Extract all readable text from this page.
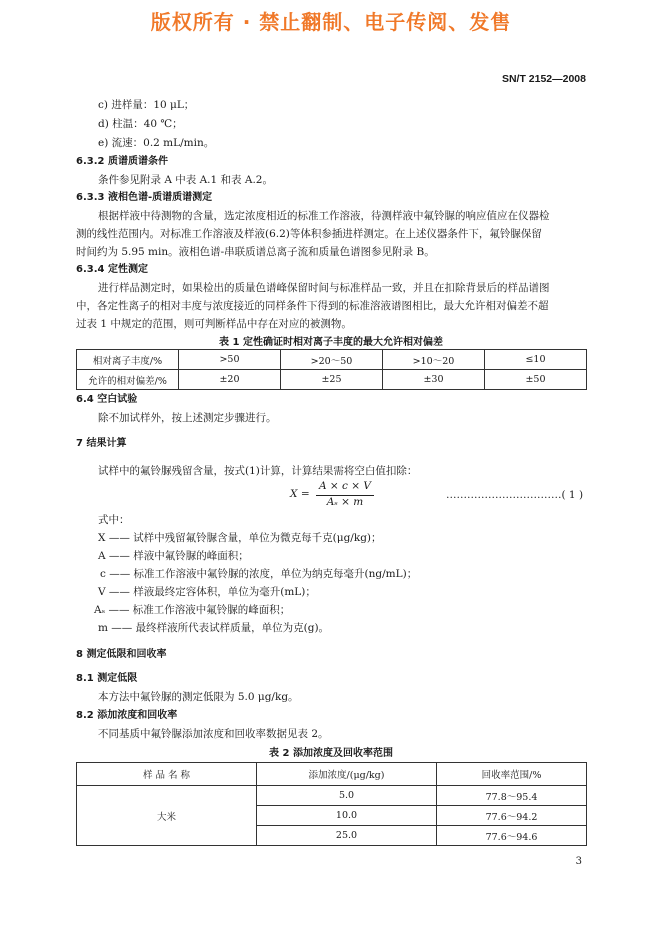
版权所有 · 禁止翻制、电子传阅、发售
SN/T 2152—2008
c) 进样量：10 μL；
d) 柱温：40 ℃；
e) 流速：0.2 mL/min。
6.3.2 质谱质谱条件
条件参见附录 A 中表 A.1 和表 A.2。
6.3.3 液相色谱-质谱质谱测定
根据样液中待测物的含量，选定浓度相近的标准工作溶液，待测样液中氟铃脲的响应值应在仪器检
测的线性范围内。对标准工作溶液及样液(6.2)等体积参插进样测定。在上述仪器条件下，氟铃脲保留
时间约为 5.95 min。液相色谱-串联质谱总离子流和质量色谱图参见附录 B。
6.3.4 定性测定
进行样品测定时，如果检出的质量色谱峰保留时间与标准样品一致，并且在扣除背景后的样品谱图
中，各定性离子的相对丰度与浓度接近的同样条件下得到的标准溶液谱图相比，最大允许相对偏差不超
过表 1 中规定的范围，则可判断样品中存在对应的被测物。
表 1 定性确证时相对离子丰度的最大允许相对偏差
相对离子丰度/%	>50	>20～50	>10～20	≤10
允许的相对偏差/%	±20	±25	±30	±50
6.4 空白试验
除不加试样外，按上述测定步骤进行。
7 结果计算
试样中的氟铃脲残留含量，按式(1)计算，计算结果需将空白值扣除：
X =
A × c × V
Aₛ × m
……………………………( 1 )
式中：
X —— 试样中残留氟铃脲含量，单位为微克每千克(μg/kg)；
A —— 样液中氟铃脲的峰面积；
c —— 标准工作溶液中氟铃脲的浓度，单位为纳克每毫升(ng/mL)；
V —— 样液最终定容体积，单位为毫升(mL)；
Aₛ —— 标准工作溶液中氟铃脲的峰面积；
m —— 最终样液所代表试样质量，单位为克(g)。
8 测定低限和回收率
8.1 测定低限
本方法中氟铃脲的测定低限为 5.0 μg/kg。
8.2 添加浓度和回收率
不同基质中氟铃脲添加浓度和回收率数据见表 2。
表 2 添加浓度及回收率范围
样 品 名 称	添加浓度/(μg/kg)	回收率范围/%
大米	5.0	77.8～95.4
	10.0	77.6～94.2
	25.0	77.6～94.6
3
